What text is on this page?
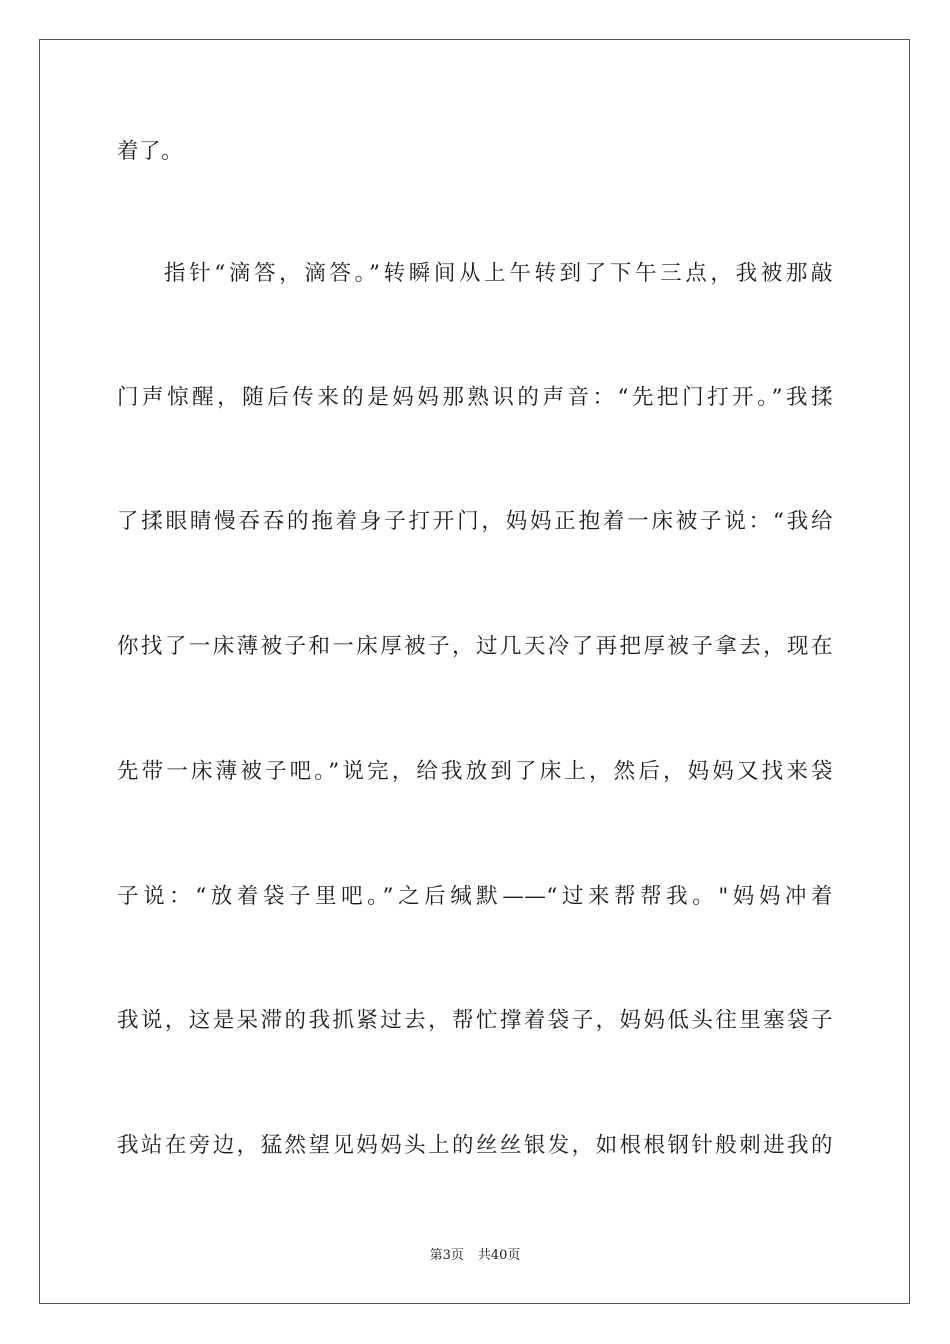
着了。
指针“滴答，滴答。”转瞬间从上午转到了下午三点，我被那敲
门声惊醒，随后传来的是妈妈那熟识的声音：“先把门打开。”我揉
了揉眼睛慢吞吞的拖着身子打开门，妈妈正抱着一床被子说：“我给
你找了一床薄被子和一床厚被子，过几天冷了再把厚被子拿去，现在
先带一床薄被子吧。”说完，给我放到了床上，然后，妈妈又找来袋
子说：“放着袋子里吧。”之后缄默——“过来帮帮我。"妈妈冲着
我说，这是呆滞的我抓紧过去，帮忙撑着袋子，妈妈低头往里塞袋子
我站在旁边，猛然望见妈妈头上的丝丝银发，如根根钢针般刺进我的
第3页 共40页
